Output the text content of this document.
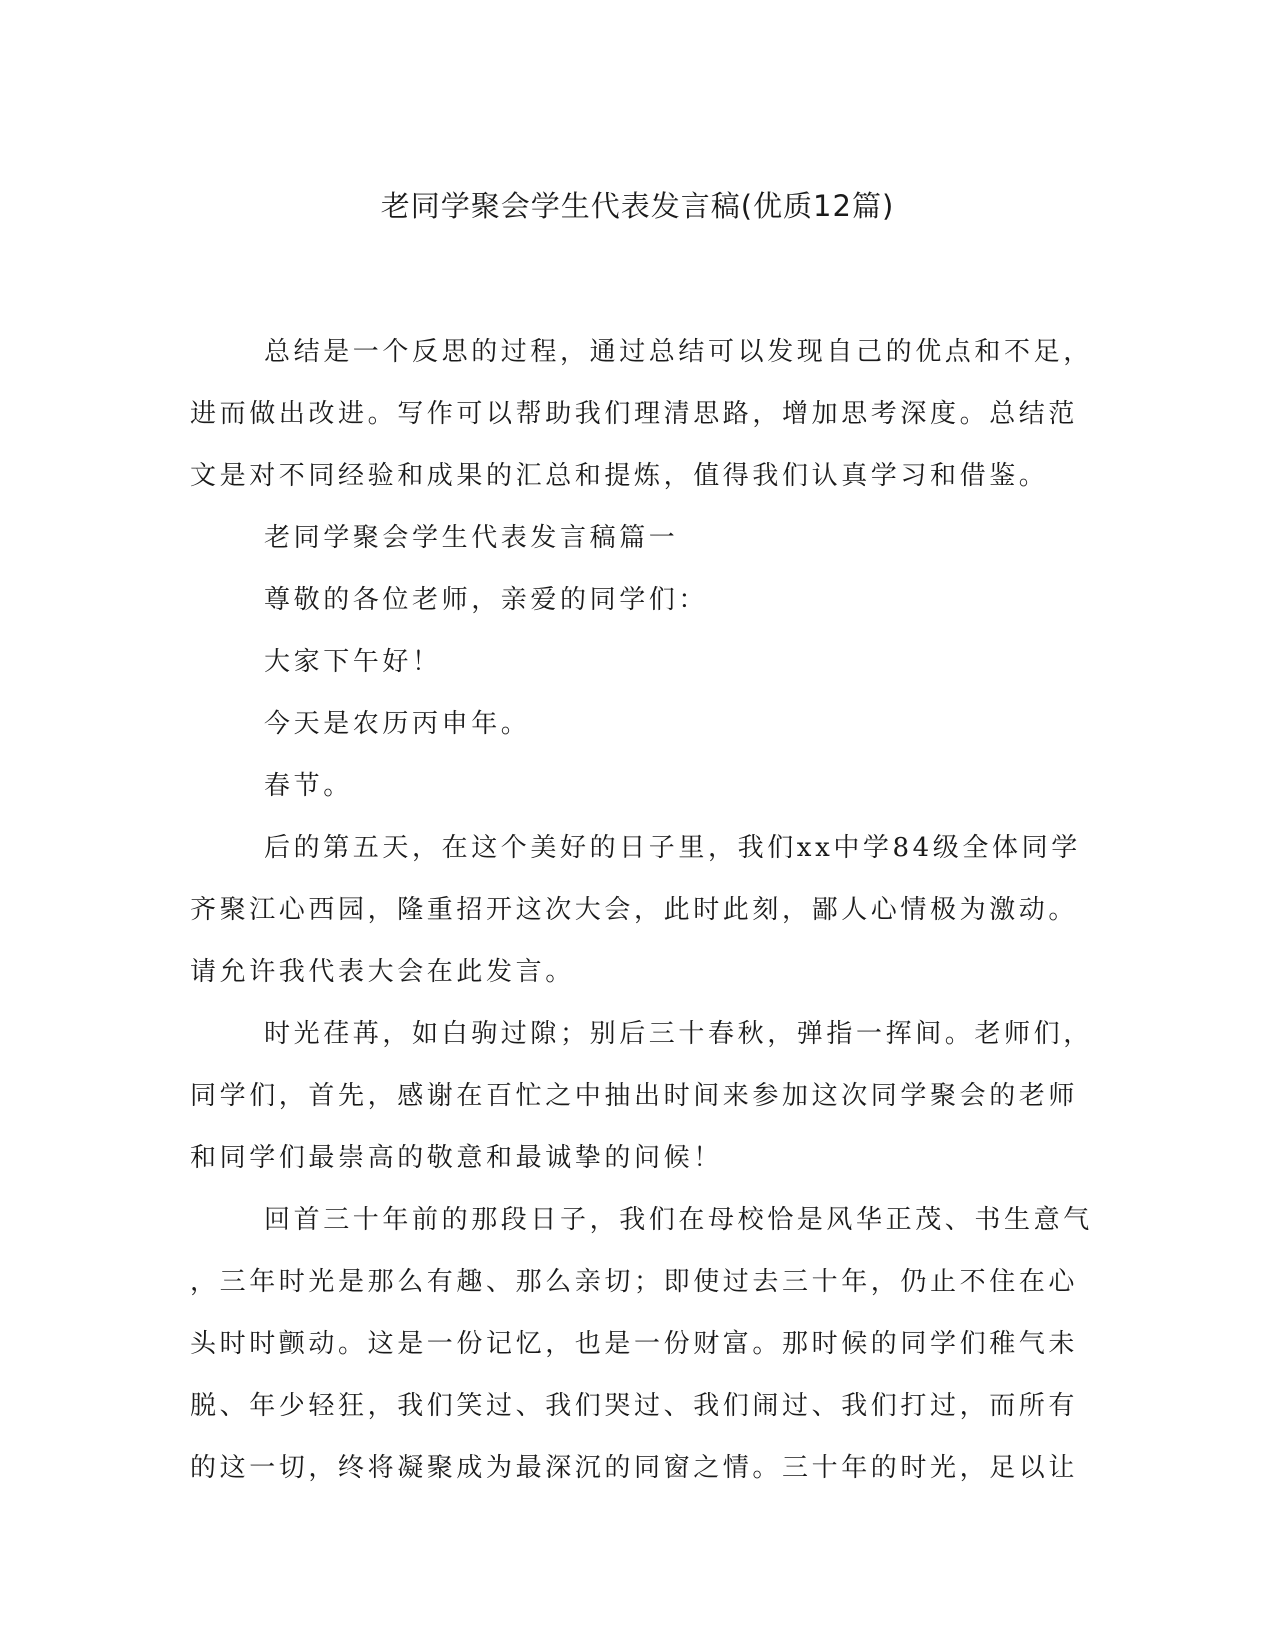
老同学聚会学生代表发言稿(优质12篇)
总结是一个反思的过程，通过总结可以发现自己的优点和不足，
进而做出改进。写作可以帮助我们理清思路，增加思考深度。总结范
文是对不同经验和成果的汇总和提炼，值得我们认真学习和借鉴。
老同学聚会学生代表发言稿篇一
尊敬的各位老师，亲爱的同学们：
大家下午好！
今天是农历丙申年。
春节。
后的第五天，在这个美好的日子里，我们xx中学84级全体同学
齐聚江心西园，隆重招开这次大会，此时此刻，鄙人心情极为激动。
请允许我代表大会在此发言。
时光荏苒，如白驹过隙；别后三十春秋，弹指一挥间。老师们，
同学们，首先，感谢在百忙之中抽出时间来参加这次同学聚会的老师
和同学们最崇高的敬意和最诚挚的问候！
回首三十年前的那段日子，我们在母校恰是风华正茂、书生意气
，三年时光是那么有趣、那么亲切；即使过去三十年，仍止不住在心
头时时颤动。这是一份记忆，也是一份财富。那时候的同学们稚气未
脱、年少轻狂，我们笑过、我们哭过、我们闹过、我们打过，而所有
的这一切，终将凝聚成为最深沉的同窗之情。三十年的时光，足以让
